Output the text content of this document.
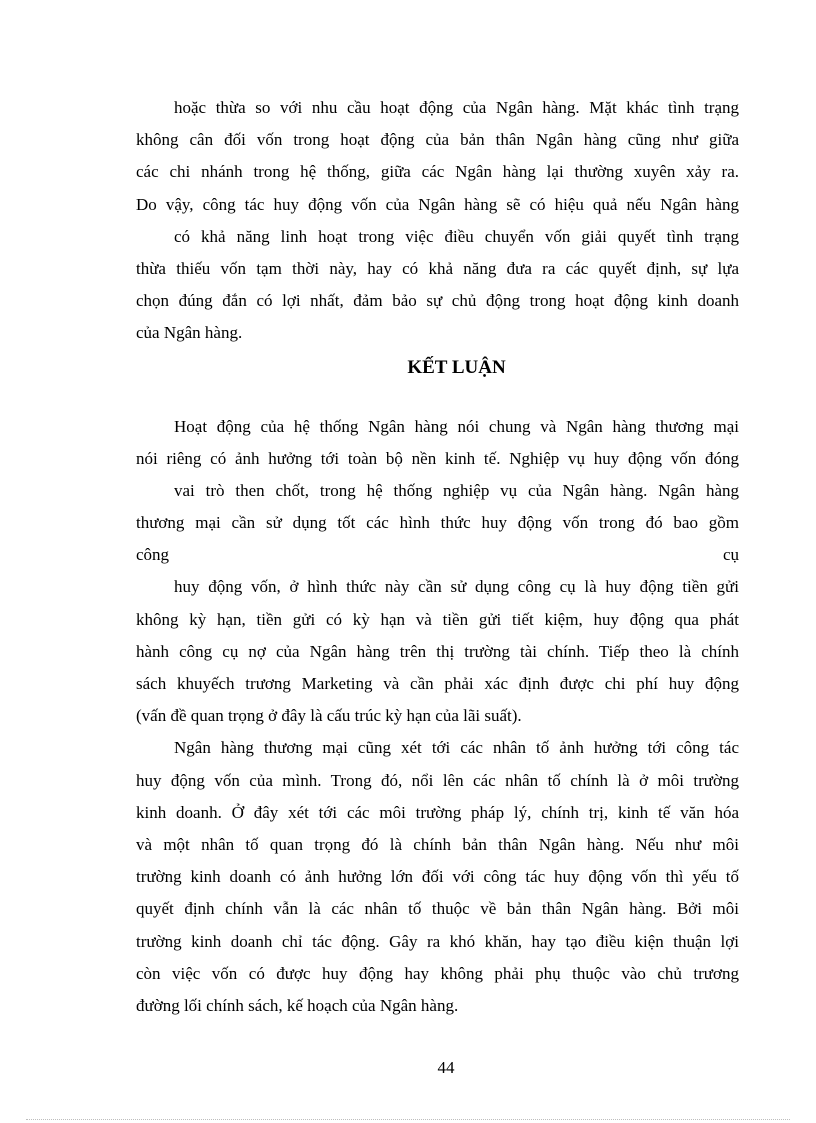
hoặc thừa so với nhu cầu hoạt động của Ngân hàng. Mặt khác tình trạng
không cân đối vốn trong hoạt động của bản thân Ngân hàng cũng như giữa
các chi nhánh trong hệ thống, giữa các Ngân hàng lại thường xuyên xảy ra.
Do vậy, công tác huy động vốn của Ngân hàng sẽ có hiệu quả nếu Ngân hàng
có khả năng linh hoạt trong việc điều chuyển vốn giải quyết tình trạng
thừa thiếu vốn tạm thời này, hay có khả năng đưa ra các quyết định, sự lựa
chọn đúng đắn có lợi nhất, đảm bảo sự chủ động trong hoạt động kinh doanh
của Ngân hàng.
KẾT LUẬN
Hoạt động của hệ thống Ngân hàng nói chung và Ngân hàng thương mại
nói riêng có ảnh hưởng tới toàn bộ nền kinh tế. Nghiệp vụ huy động vốn đóng
vai trò then chốt, trong hệ thống nghiệp vụ của Ngân hàng. Ngân hàng
thương mại cần sử dụng tốt các hình thức huy động vốn trong đó bao gồm
công	cụ
huy động vốn, ở hình thức này cần sử dụng công cụ là huy động tiền gửi
không kỳ hạn, tiền gửi có kỳ hạn và tiền gửi tiết kiệm, huy động qua phát
hành công cụ nợ của Ngân hàng trên thị trường tài chính. Tiếp theo là chính
sách khuyếch trương Marketing và cần phải xác định được chi phí huy động
(vấn đề quan trọng ở đây là cấu trúc kỳ hạn của lãi suất).
Ngân hàng thương mại cũng xét tới các nhân tố ảnh hưởng tới công tác
huy động vốn của mình. Trong đó, nổi lên các nhân tố chính là ở môi trường
kinh doanh. Ở đây xét tới các môi trường pháp lý, chính trị, kinh tế văn hóa
và một nhân tố quan trọng đó là chính bản thân Ngân hàng. Nếu như môi
trường kinh doanh có ảnh hưởng lớn đối với công tác huy động vốn thì yếu tố
quyết định chính vẫn là các nhân tố thuộc về bản thân Ngân hàng. Bởi môi
trường kinh doanh chỉ tác động. Gây ra khó khăn, hay tạo điều kiện thuận lợi
còn việc vốn có được huy động hay không phải phụ thuộc vào chủ trương
đường lối chính sách, kế hoạch của Ngân hàng.
44
